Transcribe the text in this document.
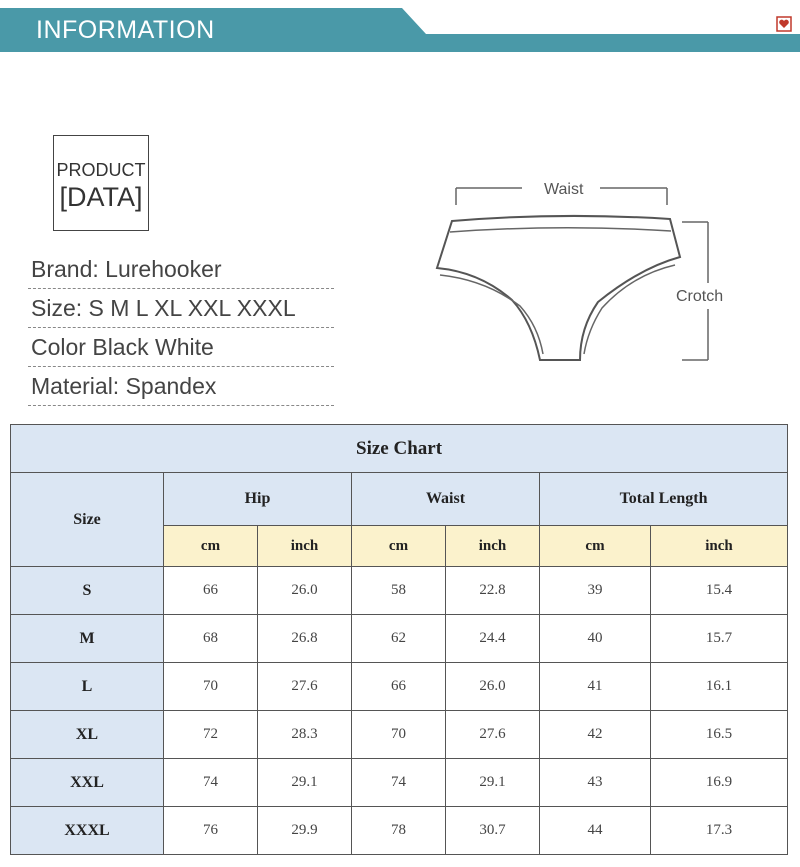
INFORMATION
PRODUCT
[DATA]
Brand: Lurehooker
Size: S M L XL XXL XXXL
Color Black White
Material: Spandex
Waist
Crotch
Size Chart						
Size	Hip		Waist		Total Length	
	cm	inch	cm	inch	cm	inch
S	66	26.0	58	22.8	39	15.4
M	68	26.8	62	24.4	40	15.7
L	70	27.6	66	26.0	41	16.1
XL	72	28.3	70	27.6	42	16.5
XXL	74	29.1	74	29.1	43	16.9
XXXL	76	29.9	78	30.7	44	17.3
